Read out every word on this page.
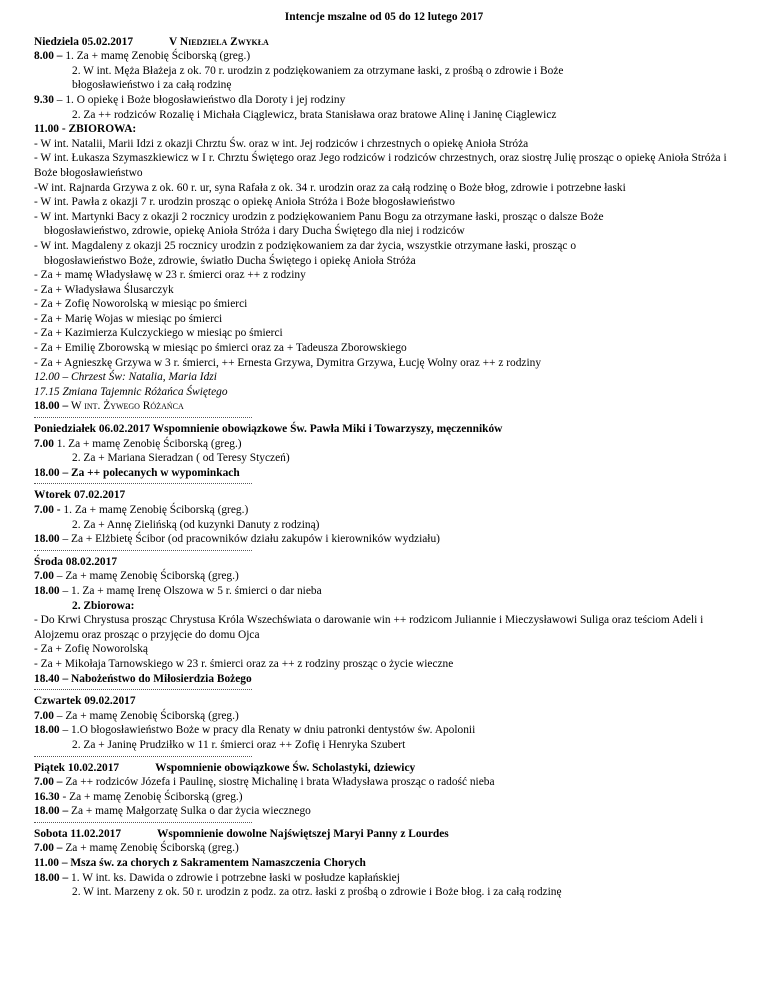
Intencje mszalne od 05 do 12 lutego 2017
Niedziela 05.02.2017	V Niedziela Zwykła
8.00 – 1. Za + mamę Zenobię Ściborską (greg.)
2. W int. Męża Błażeja z ok. 70 r. urodzin z podziękowaniem za otrzymane łaski, z prośbą o zdrowie i Boże
błogosławieństwo i za całą rodzinę
9.30 – 1. O opiekę i Boże błogosławieństwo dla Doroty i jej rodziny
2. Za ++ rodziców Rozalię i Michała Ciąglewicz, brata Stanisława oraz bratowe Alinę i Janinę Ciąglewicz
11.00 - ZBIOROWA:
- W int. Natalii, Marii Idzi z okazji Chrztu Św. oraz w int. Jej rodziców i chrzestnych o opiekę Anioła Stróża
- W int. Łukasza Szymaszkiewicz w I r. Chrztu Świętego oraz Jego rodziców i rodziców chrzestnych, oraz siostrę Julię prosząc o opiekę Anioła Stróża i Boże błogosławieństwo
-W int. Rajnarda Grzywa z ok. 60 r. ur, syna Rafała z ok. 34 r. urodzin oraz za całą rodzinę o Boże błog, zdrowie i potrzebne łaski
- W int. Pawła z okazji 7 r. urodzin prosząc o opiekę Anioła Stróża i Boże błogosławieństwo
- W int. Martynki Bacy z okazji 2 rocznicy urodzin z podziękowaniem Panu Bogu za otrzymane łaski, prosząc o dalsze Boże
błogosławieństwo, zdrowie, opiekę Anioła Stróża i dary Ducha Świętego dla niej i rodziców
- W int. Magdaleny z okazji 25 rocznicy urodzin z podziękowaniem za dar życia, wszystkie otrzymane łaski, prosząc o
błogosławieństwo Boże, zdrowie, światło Ducha Świętego i opiekę Anioła Stróża
- Za + mamę Władysławę w 23 r. śmierci oraz ++ z rodziny
- Za + Władysława Ślusarczyk
- Za + Zofię Noworolską w miesiąc po śmierci
- Za + Marię Wojas w miesiąc po śmierci
- Za + Kazimierza Kulczyckiego w miesiąc po śmierci
- Za + Emilię Zborowską w miesiąc po śmierci oraz za + Tadeusza Zborowskiego
- Za + Agnieszkę Grzywa w 3 r. śmierci, ++ Ernesta Grzywa, Dymitra Grzywa, Łucję Wolny oraz ++ z rodziny
12.00 – Chrzest Św: Natalia, Maria Idzi
17.15 Zmiana Tajemnic Różańca Świętego
18.00 – W int. Żywego Różańca
Poniedziałek 06.02.2017 Wspomnienie obowiązkowe Św. Pawła Miki i Towarzyszy, męczenników
7.00 1. Za + mamę Zenobię Ściborską (greg.)
2. Za + Mariana Sieradzan ( od Teresy Styczeń)
18.00 – Za ++ polecanych w wypominkach
Wtorek 07.02.2017
7.00 - 1. Za + mamę Zenobię Ściborską (greg.)
2. Za + Annę Zielińską (od kuzynki Danuty z rodziną)
18.00 – Za + Elżbietę Ścibor (od pracowników działu zakupów i kierowników wydziału)
Środa 08.02.2017
7.00 – Za + mamę Zenobię Ściborską (greg.)
18.00 – 1. Za + mamę Irenę Olszowa w 5 r. śmierci o dar nieba
2. Zbiorowa:
- Do Krwi Chrystusa prosząc Chrystusa Króla Wszechświata o darowanie win ++ rodzicom Juliannie i Mieczysławowi Suliga oraz teściom Adeli i Alojzemu oraz prosząc o przyjęcie do domu Ojca
- Za + Zofię Noworolską
- Za + Mikołaja Tarnowskiego w 23 r. śmierci oraz za ++ z rodziny prosząc o życie wieczne
18.40 – Nabożeństwo do Miłosierdzia Bożego
Czwartek 09.02.2017
7.00 – Za + mamę Zenobię Ściborską (greg.)
18.00 – 1.O błogosławieństwo Boże w pracy dla Renaty w dniu patronki dentystów św. Apolonii
2. Za + Janinę Prudziłko w 11 r. śmierci oraz ++ Zofię i Henryka Szubert
Piątek 10.02.2017	Wspomnienie obowiązkowe Św. Scholastyki, dziewicy
7.00 – Za ++ rodziców Józefa i Paulinę, siostrę Michalinę i brata Władysława prosząc o radość nieba
16.30 - Za + mamę Zenobię Ściborską (greg.)
18.00 – Za + mamę Małgorzatę Sulka o dar życia wiecznego
Sobota 11.02.2017	Wspomnienie dowolne Najświętszej Maryi Panny z Lourdes
7.00 – Za + mamę Zenobię Ściborską (greg.)
11.00 – Msza św. za chorych z Sakramentem Namaszczenia Chorych
18.00 – 1. W int. ks. Dawida o zdrowie i potrzebne łaski w posłudze kapłańskiej
2. W int. Marzeny z ok. 50 r. urodzin z podz. za otrz. łaski z prośbą o zdrowie i Boże błog. i za całą rodzinę
